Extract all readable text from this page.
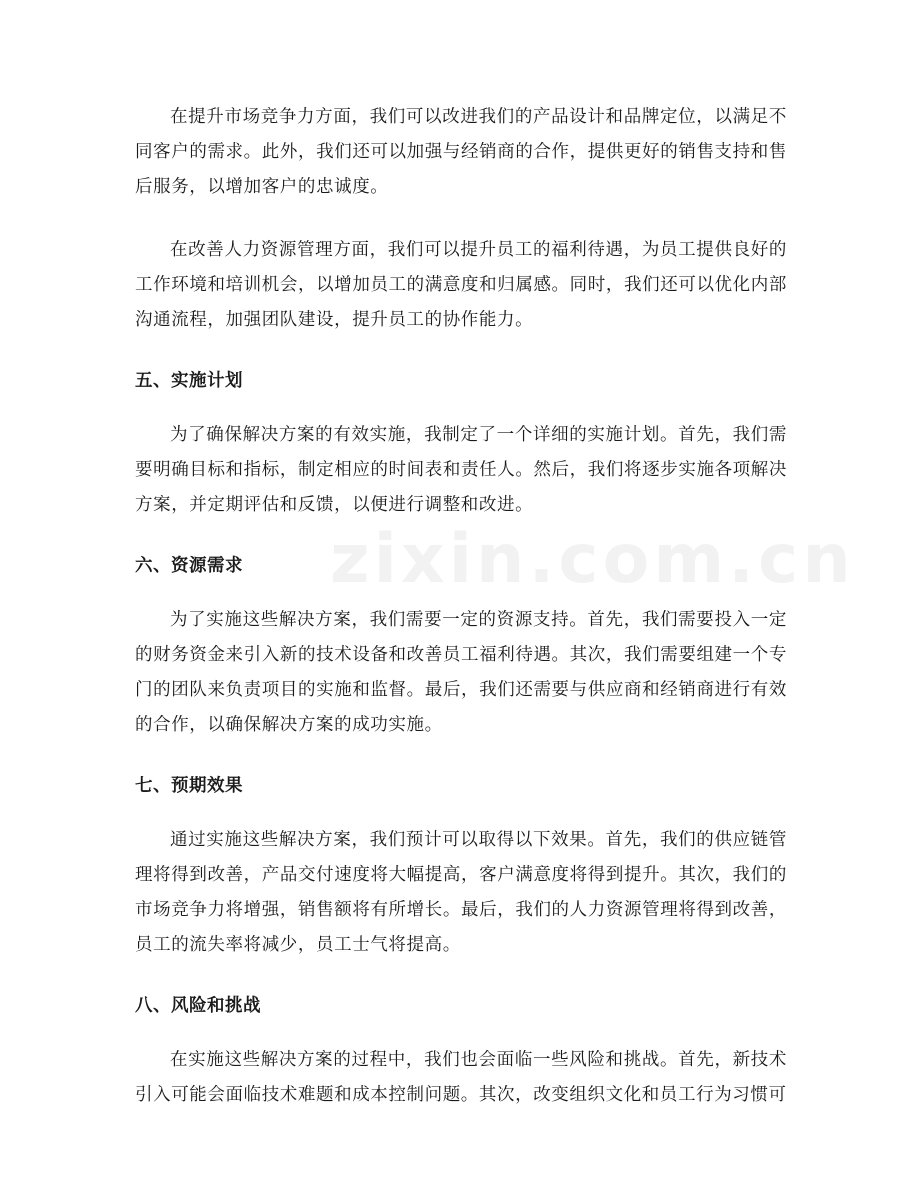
zixin.com.cn

在提升市场竞争力方面，我们可以改进我们的产品设计和品牌定位，以满足不同客户的需求。此外，我们还可以加强与经销商的合作，提供更好的销售支持和售后服务，以增加客户的忠诚度。

在改善人力资源管理方面，我们可以提升员工的福利待遇，为员工提供良好的工作环境和培训机会，以增加员工的满意度和归属感。同时，我们还可以优化内部沟通流程，加强团队建设，提升员工的协作能力。

五、实施计划

为了确保解决方案的有效实施，我制定了一个详细的实施计划。首先，我们需要明确目标和指标，制定相应的时间表和责任人。然后，我们将逐步实施各项解决方案，并定期评估和反馈，以便进行调整和改进。

六、资源需求

为了实施这些解决方案，我们需要一定的资源支持。首先，我们需要投入一定的财务资金来引入新的技术设备和改善员工福利待遇。其次，我们需要组建一个专门的团队来负责项目的实施和监督。最后，我们还需要与供应商和经销商进行有效的合作，以确保解决方案的成功实施。

七、预期效果

通过实施这些解决方案，我们预计可以取得以下效果。首先，我们的供应链管理将得到改善，产品交付速度将大幅提高，客户满意度将得到提升。其次，我们的市场竞争力将增强，销售额将有所增长。最后，我们的人力资源管理将得到改善，员工的流失率将减少，员工士气将提高。

八、风险和挑战

在实施这些解决方案的过程中，我们也会面临一些风险和挑战。首先，新技术引入可能会面临技术难题和成本控制问题。其次，改变组织文化和员工行为习惯可
